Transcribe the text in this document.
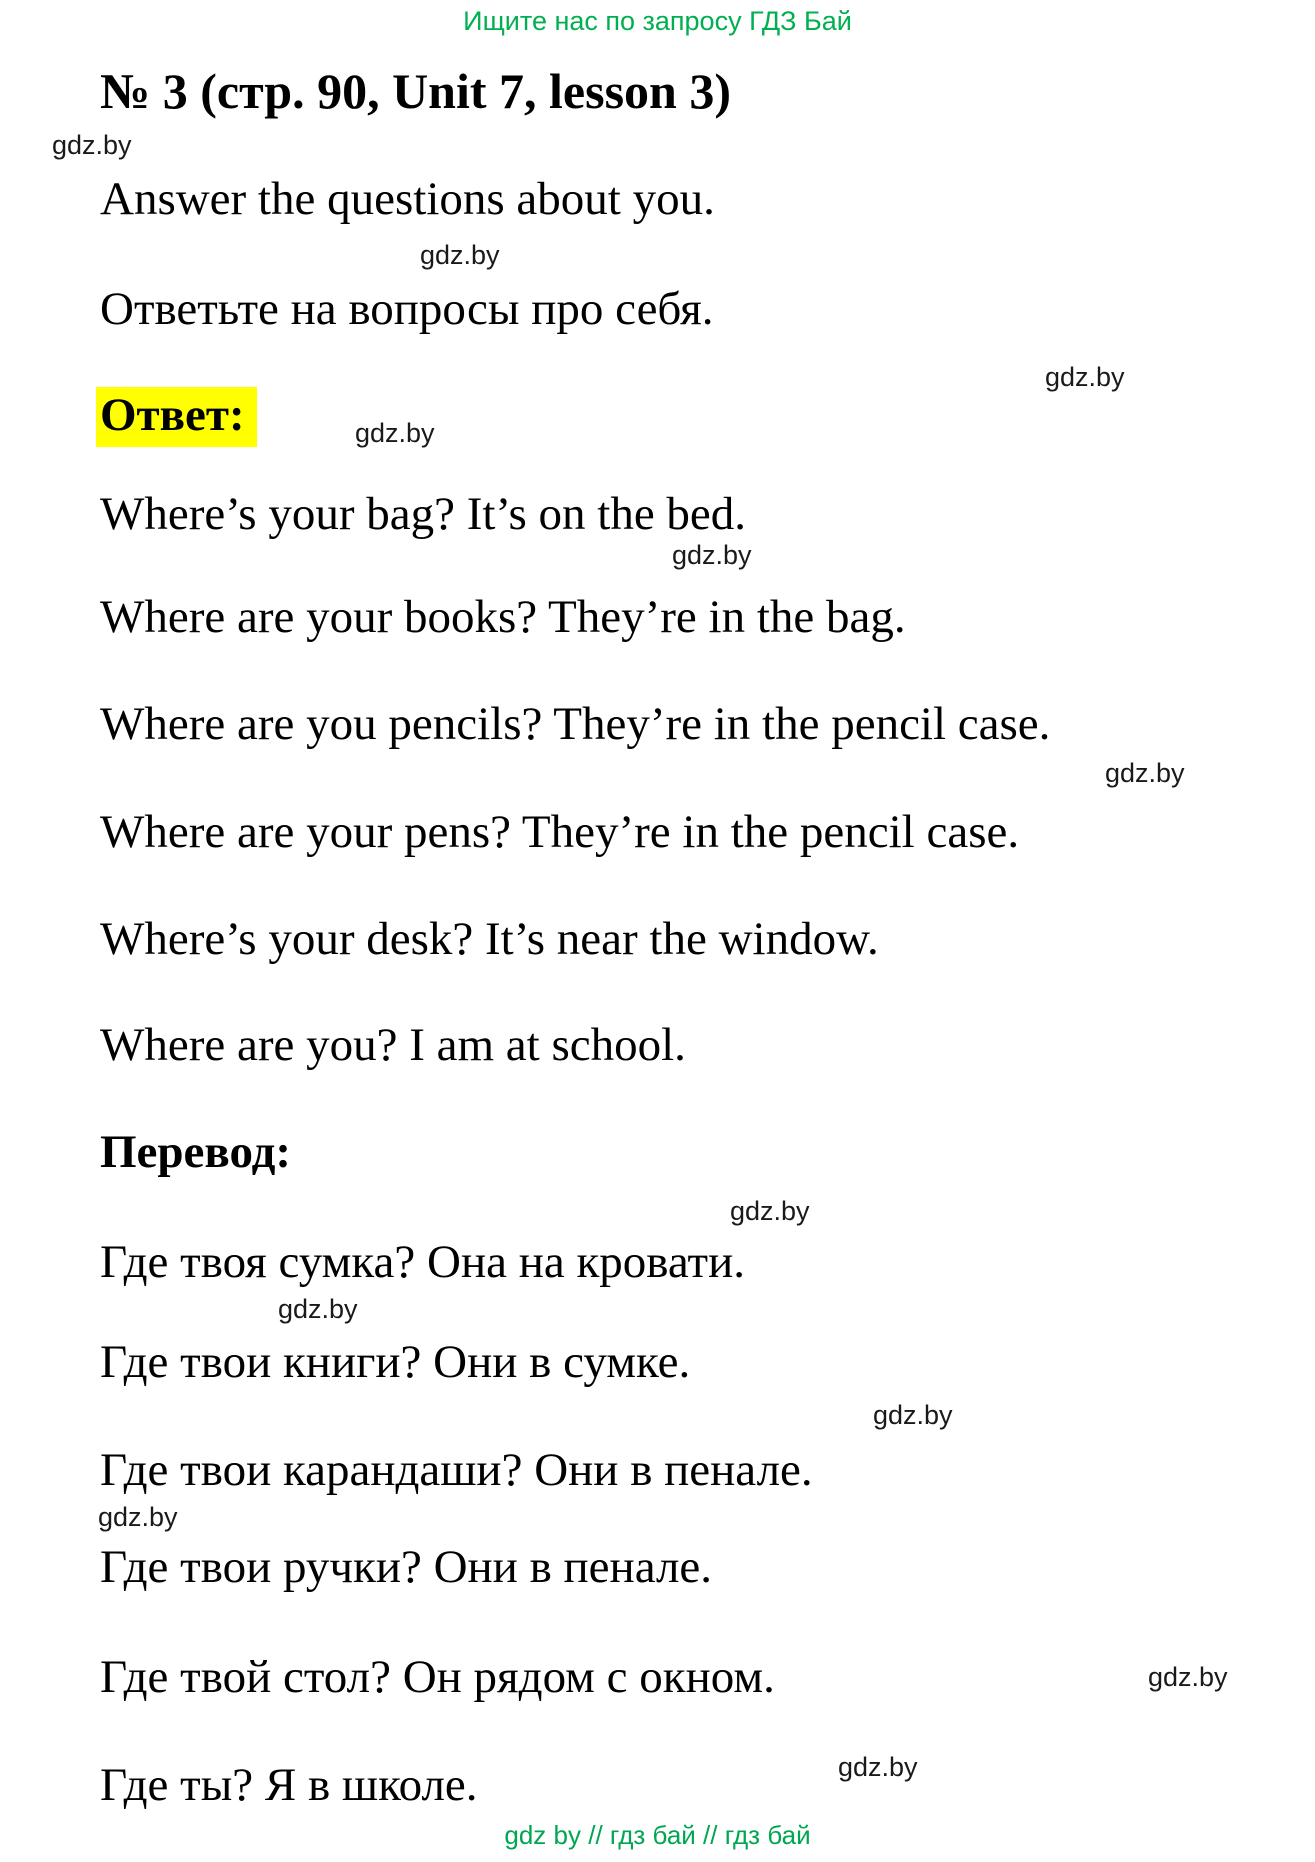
Ищите нас по запросу ГДЗ Бай
№ 3 (стр. 90, Unit 7, lesson 3)
gdz.by
Answer the questions about you.
gdz.by
Ответьте на вопросы про себя.
gdz.by
Ответ:	gdz.by
Where’s your bag? It’s on the bed.
gdz.by
Where are your books? They’re in the bag.
Where are you pencils? They’re in the pencil case.
gdz.by
Where are your pens? They’re in the pencil case.
Where’s your desk? It’s near the window.
Where are you? I am at school.
Перевод:
gdz.by
Где твоя сумка? Она на кровати.
gdz.by
Где твои книги? Они в сумке.
gdz.by
Где твои карандаши? Они в пенале.
gdz.by
Где твои ручки? Они в пенале.
Где твой стол? Он рядом с окном.	gdz.by
Где ты? Я в школе.	gdz.by
gdz by // гдз бай // гдз бай
